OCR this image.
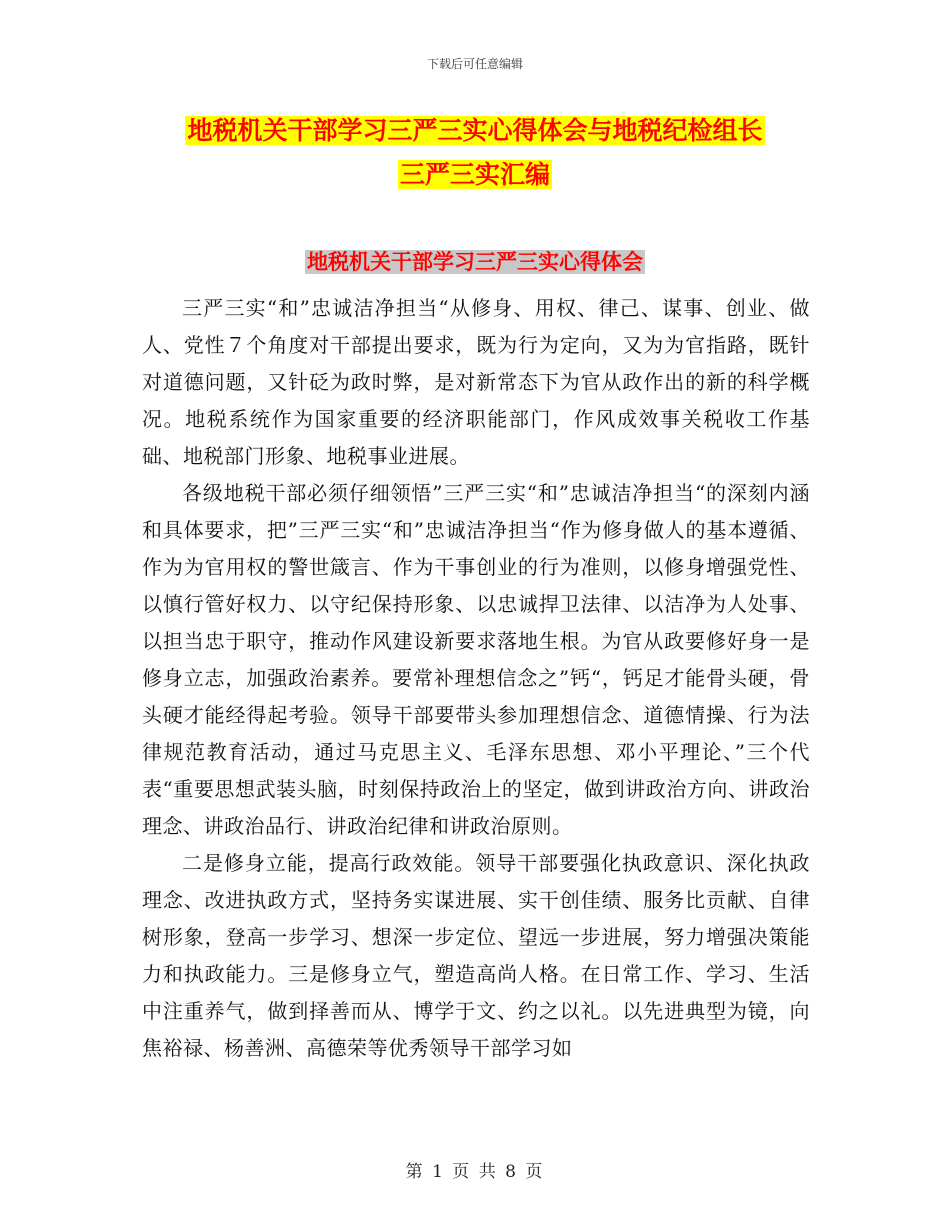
下载后可任意编辑
地税机关干部学习三严三实心得体会与地税纪检组长
三严三实汇编
地税机关干部学习三严三实心得体会

三严三实“和”忠诚洁净担当“从修身、用权、律己、谋事、创业、做人、党性７个角度对干部提出要求，既为行为定向，又为为官指路，既针对道德问题，又针砭为政时弊，是对新常态下为官从政作出的新的科学概况。地税系统作为国家重要的经济职能部门，作风成效事关税收工作基础、地税部门形象、地税事业进展。

各级地税干部必须仔细领悟”三严三实“和”忠诚洁净担当“的深刻内涵和具体要求，把”三严三实“和”忠诚洁净担当“作为修身做人的基本遵循、作为为官用权的警世箴言、作为干事创业的行为准则，以修身增强党性、以慎行管好权力、以守纪保持形象、以忠诚捍卫法律、以洁净为人处事、以担当忠于职守，推动作风建设新要求落地生根。为官从政要修好身一是修身立志，加强政治素养。要常补理想信念之”钙“，钙足才能骨头硬，骨头硬才能经得起考验。领导干部要带头参加理想信念、道德情操、行为法律规范教育活动，通过马克思主义、毛泽东思想、邓小平理论、”三个代表“重要思想武装头脑，时刻保持政治上的坚定，做到讲政治方向、讲政治理念、讲政治品行、讲政治纪律和讲政治原则。

二是修身立能，提高行政效能。领导干部要强化执政意识、深化执政理念、改进执政方式，坚持务实谋进展、实干创佳绩、服务比贡献、自律树形象，登高一步学习、想深一步定位、望远一步进展，努力增强决策能力和执政能力。三是修身立气，塑造高尚人格。在日常工作、学习、生活中注重养气，做到择善而从、博学于文、约之以礼。以先进典型为镜，向焦裕禄、杨善洲、高德荣等优秀领导干部学习如

第 1 页 共 8 页
